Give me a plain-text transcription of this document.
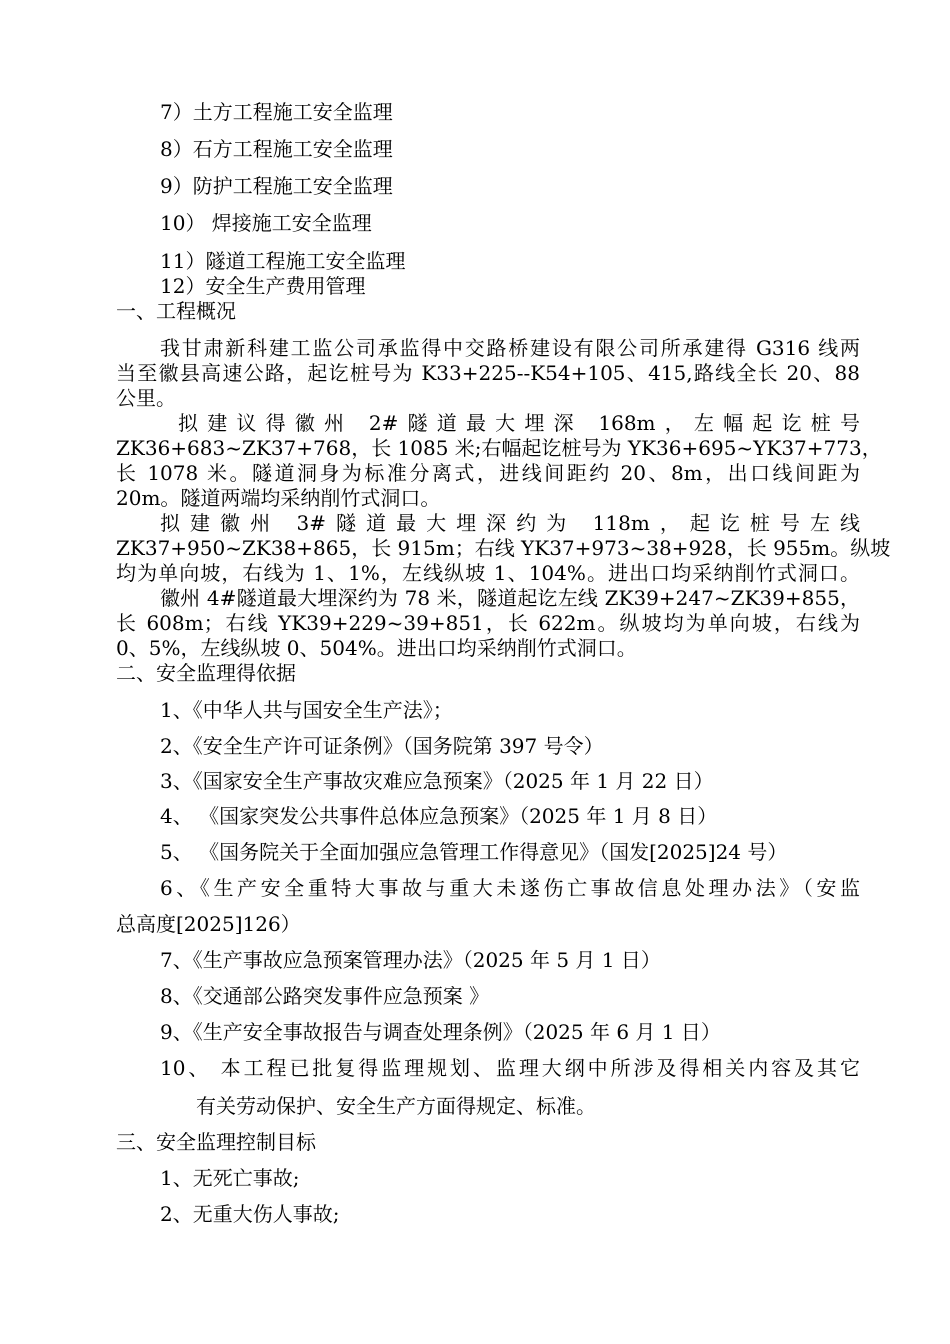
7）土方工程施工安全监理
8）石方工程施工安全监理
9）防护工程施工安全监理
10） 焊接施工安全监理
11）隧道工程施工安全监理
12）安全生产费用管理
一、工程概况
我甘肃新科建工监公司承监得中交路桥建设有限公司所承建得 G316 线两
当至徽县高速公路，起讫桩号为 K33+225--K54+105、415,路线全长 20、88
公里。
拟建议得徽州 2#隧道最大埋深 168m，左幅起讫桩号
ZK36+683~ZK37+768，长 1085 米;右幅起讫桩号为 YK36+695~YK37+773，
长 1078 米。隧道洞身为标准分离式，进线间距约 20、8m，出口线间距为
20m。隧道两端均采纳削竹式洞口。
拟建徽州 3#隧道最大埋深约为 118m，起讫桩号左线
ZK37+950~ZK38+865，长 915m；右线 YK37+973~38+928，长 955m。纵坡
均为单向坡，右线为 1、1%，左线纵坡 1、104%。进出口均采纳削竹式洞口。
徽州 4#隧道最大埋深约为 78 米，隧道起讫左线 ZK39+247~ZK39+855，
长 608m；右线 YK39+229~39+851，长 622m。纵坡均为单向坡，右线为
0、5%，左线纵坡 0、504%。进出口均采纳削竹式洞口。
二、安全监理得依据
1、《中华人共与国安全生产法》；
2、《安全生产许可证条例》（国务院第 397 号令）
3、《国家安全生产事故灾难应急预案》（2025 年 1 月 22 日）
4、 《国家突发公共事件总体应急预案》（2025 年 1 月 8 日）
5、 《国务院关于全面加强应急管理工作得意见》（国发[2025]24 号）
6、《生产安全重特大事故与重大未遂伤亡事故信息处理办法》（安监
总高度[2025]126）
7、《生产事故应急预案管理办法》（2025 年 5 月 1 日）
8、《交通部公路突发事件应急预案 》
9、《生产安全事故报告与调查处理条例》（2025 年 6 月 1 日）
10、 本工程已批复得监理规划、监理大纲中所涉及得相关内容及其它
有关劳动保护、安全生产方面得规定、标准。
三、安全监理控制目标
1、无死亡事故;
2、无重大伤人事故;
